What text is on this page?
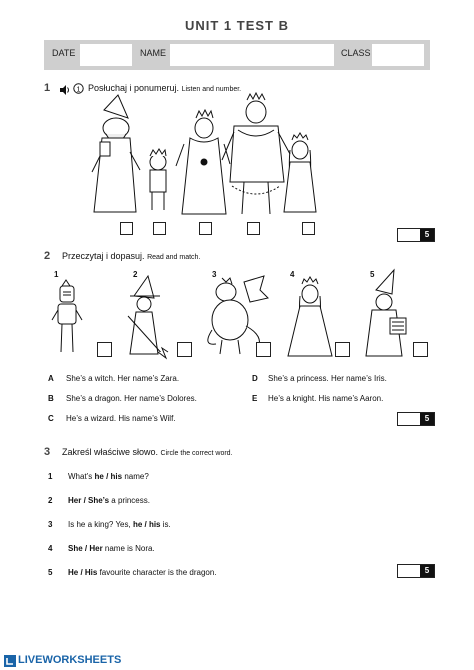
UNIT 1 TEST B
DATE	NAME	CLASS
1	1 Posłuchaj i ponumeruj. Listen and number.
5
2 Przeczytaj i dopasuj. Read and match.
1	2	3	4	5
A She’s a witch. Her name’s Zara.
B She’s a dragon. Her name’s Dolores.
C He’s a wizard. His name’s Wilf.
D She’s a princess. Her name’s Iris.
E He’s a knight. His name’s Aaron.
5
3 Zakreśl właściwe słowo. Circle the correct word.
1 What’s he / his name?
2 Her / She’s a princess.
3 Is he a king? Yes, he / his is.
4 She / Her name is Nora.
5 He / His favourite character is the dragon.	5
LIVEWORKSHEETS
